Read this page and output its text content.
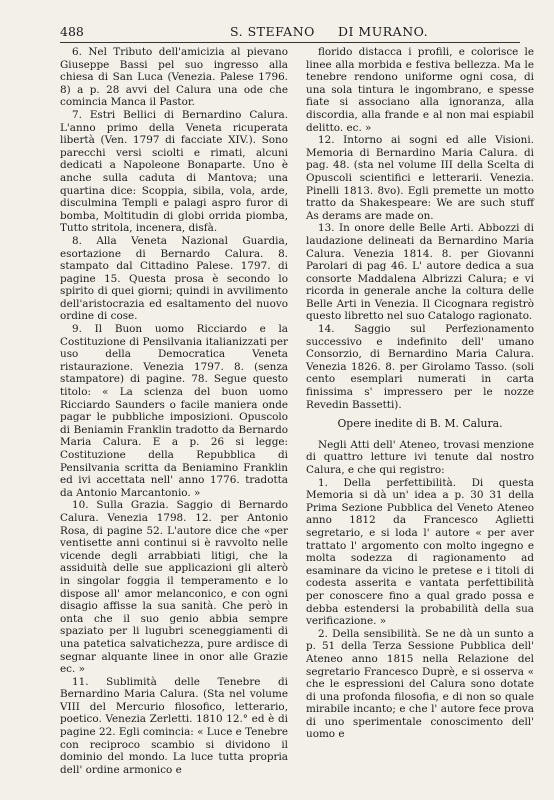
488	S. STEFANO DI MURANO.

6. Nel Tributo dell'amicizia al pievano Giuseppe Bassi pel suo ingresso alla chiesa di San Luca (Venezia. Palese 1796. 8) a p. 28 avvi del Calura una ode che comincia Manca il Pastor.

7. Estri Bellici di Bernardino Calura. L'anno primo della Veneta ricuperata libertà (Ven. 1797 di facciate XIV.). Sono parecchi versi sciolti e rimati, alcuni dedicati a Napoleone Bonaparte. Uno è anche sulla caduta di Mantova; una quartina dice: Scoppia, sibila, vola, arde, disculmina Templi e palagi aspro furor di bomba, Moltitudin di globi orrida piomba, Tutto stritola, incenera, disfà.

8. Alla Veneta Nazional Guardia, esortazione di Bernardo Calura. 8. stampato dal Cittadino Palese. 1797. di pagine 15. Questa prosa è secondo lo spirito di quei giorni; quindi in avvilimento dell'aristocrazia ed esaltamento del nuovo ordine di cose.

9. Il Buon uomo Ricciardo e la Costituzione di Pensilvania italianizzati per uso della Democratica Veneta ristaurazione. Venezia 1797. 8. (senza stampatore) di pagine. 78. Segue questo titolo: « La scienza del buon uomo Ricciardo Saunders o facile maniera onde pagar le pubbliche imposizioni. Opuscolo di Beniamin Franklin tradotto da Bernardo Maria Calura. E a p. 26 si legge: Costituzione della Repubblica di Pensilvania scritta da Beniamino Franklin ed ivi accettata nell' anno 1776. tradotta da Antonio Marcantonio. »

10. Sulla Grazia. Saggio di Bernardo Calura. Venezia 1798. 12. per Antonio Rosa, di pagine 52. L'autore dice che «per ventisette anni continui si è ravvolto nelle vicende degli arrabbiati litigi, che la assiduità delle sue applicazioni gli alterò in singolar foggia il temperamento e lo dispose all' amor melanconico, e con ogni disagio affisse la sua sanità. Che però in onta che il suo genio abbia sempre spaziato per li lugubri sceneggiamenti di una patetica salvatichezza, pure ardisce di segnar alquante linee in onor alle Grazie ec. »

11. Sublimità delle Tenebre di Bernardino Maria Calura. (Sta nel volume VIII del Mercurio filosofico, letterario, poetico. Venezia Zerletti. 1810 12.° ed è di pagine 22. Egli comincia: « Luce e Tenebre con reciproco scambio si dividono il dominio del mondo. La luce tutta propria dell' ordine armonico e

florido distacca i profili, e colorisce le linee alla morbida e festiva bellezza. Ma le tenebre rendono uniforme ogni cosa, di una sola tintura le ingombrano, e spesse fiate si associano alla ignoranza, alla discordia, alla frande e al non mai espiabil delitto. ec. »

12. Intorno ai sogni ed alle Visioni. Memoria di Bernardino Maria Calura. di pag. 48. (sta nel volume III della Scelta di Opuscoli scientifici e letterarii. Venezia. Pinelli 1813. 8vo). Egli premette un motto tratto da Shakespeare: We are such stuff As derams are made on.

13. In onore delle Belle Arti. Abbozzi di laudazione delineati da Bernardino Maria Calura. Venezia 1814. 8. per Giovanni Parolari di pag 46. L' autore dedica a sua consorte Maddalena Albrizzi Calura; e vi ricorda in generale anche la coltura delle Belle Arti in Venezia. Il Cicognara registrò questo libretto nel suo Catalogo ragionato.

14. Saggio sul Perfezionamento successivo e indefinito dell' umano Consorzio, di Bernardino Maria Calura. Venezia 1826. 8. per Girolamo Tasso. (soli cento esemplari numerati in carta finissima s' impressero per le nozze Revedin Bassetti).

Opere inedite di B. M. Calura.

Negli Atti dell' Ateneo, trovasi menzione di quattro letture ivi tenute dal nostro Calura, e che qui registro:

1. Della perfettibilità. Di questa Memoria si dà un' idea a p. 30 31 della Prima Sezione Pubblica del Veneto Ateneo anno 1812 da Francesco Aglietti segretario, e si loda l' autore « per aver trattato l' argomento con molto ingegno e molta sodezza di ragionamento ad esaminare da vicino le pretese e i titoli di codesta asserita e vantata perfettibilità per conoscere fino a qual grado possa e debba estendersi la probabilità della sua verificazione. »

2. Della sensibilità. Se ne dà un sunto a p. 51 della Terza Sessione Pubblica dell' Ateneo anno 1815 nella Relazione del segretario Francesco Duprè, e si osserva « che le espressioni del Calura sono dotate di una profonda filosofia, e di non so quale mirabile incanto; e che l' autore fece prova di uno sperimentale conoscimento dell' uomo e
